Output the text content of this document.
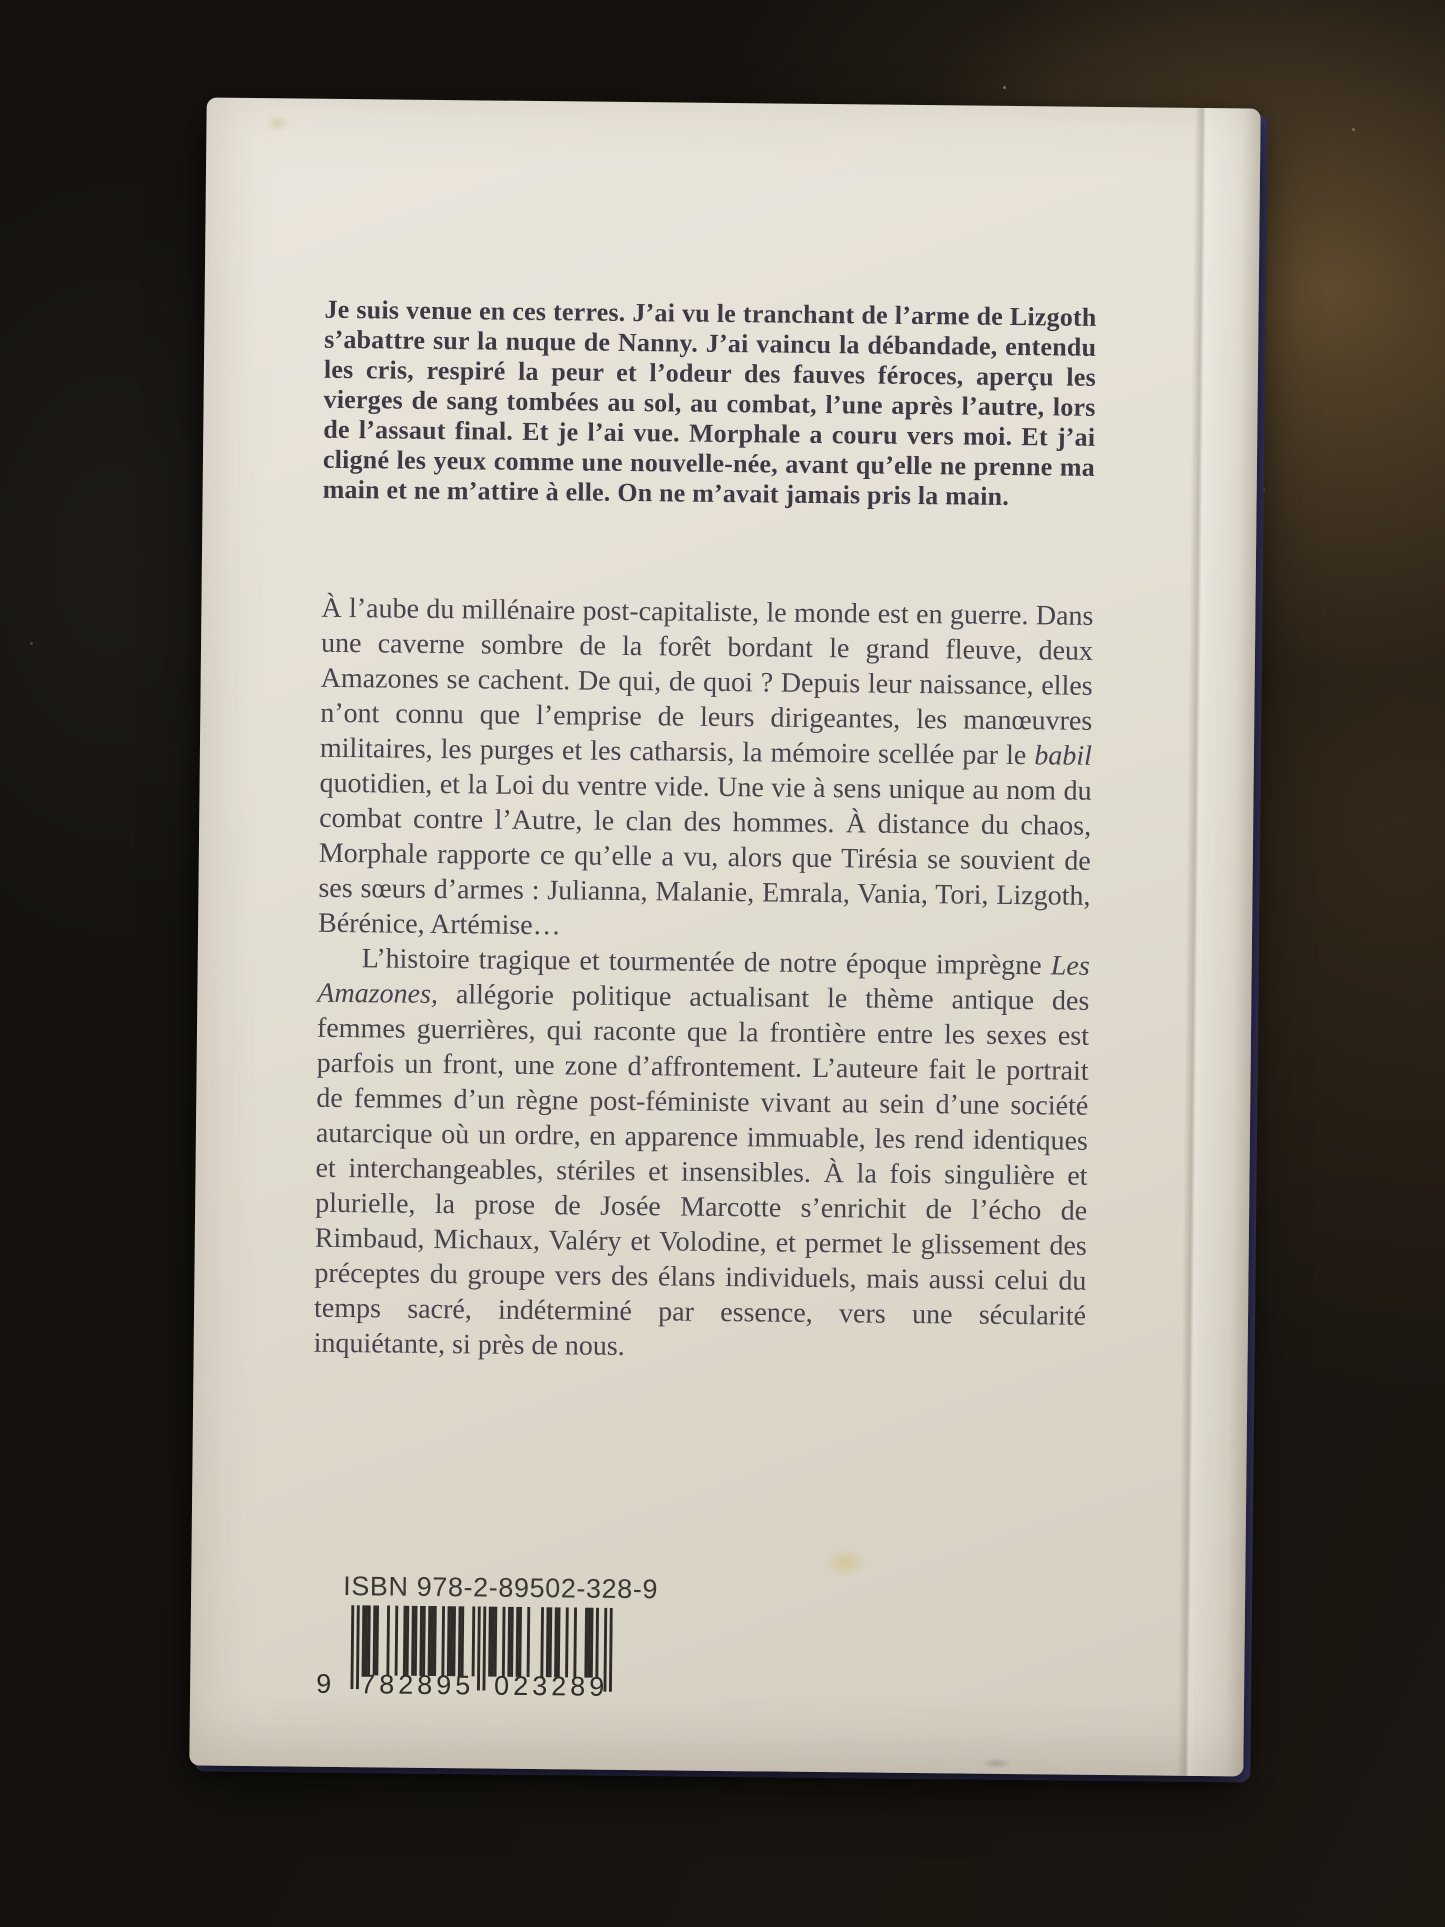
Je suis venue en ces terres. J’ai vu le tranchant de l’arme de Lizgoth s’abattre sur la nuque de Nanny. J’ai vaincu la débandade, entendu les cris, respiré la peur et l’odeur des fauves féroces, aperçu les vierges de sang tombées au sol, au combat, l’une après l’autre, lors de l’assaut final. Et je l’ai vue. Morphale a couru vers moi. Et j’ai cligné les yeux comme une nouvelle-née, avant qu’elle ne prenne ma main et ne m’attire à elle. On ne m’avait jamais pris la main.

À l’aube du millénaire post-capitaliste, le monde est en guerre. Dans une caverne sombre de la forêt bordant le grand fleuve, deux Amazones se cachent. De qui, de quoi ? Depuis leur naissance, elles n’ont connu que l’emprise de leurs dirigeantes, les manœuvres militaires, les purges et les catharsis, la mémoire scellée par le babil quotidien, et la Loi du ventre vide. Une vie à sens unique au nom du combat contre l’Autre, le clan des hommes. À distance du chaos, Morphale rapporte ce qu’elle a vu, alors que Tirésia se souvient de ses sœurs d’armes : Julianna, Malanie, Emrala, Vania, Tori, Lizgoth, Bérénice, Artémise…

L’histoire tragique et tourmentée de notre époque imprègne Les Amazones, allégorie politique actualisant le thème antique des femmes guerrières, qui raconte que la frontière entre les sexes est parfois un front, une zone d’affrontement. L’auteure fait le portrait de femmes d’un règne post-féministe vivant au sein d’une société autarcique où un ordre, en apparence immuable, les rend identiques et interchangeables, stériles et insensibles. À la fois singulière et plurielle, la prose de Josée Marcotte s’enrichit de l’écho de Rimbaud, Michaux, Valéry et Volodine, et permet le glissement des préceptes du groupe vers des élans individuels, mais aussi celui du temps sacré, indéterminé par essence, vers une sécularité inquiétante, si près de nous.

ISBN 978-2-89502-328-9
9 782895 023289
